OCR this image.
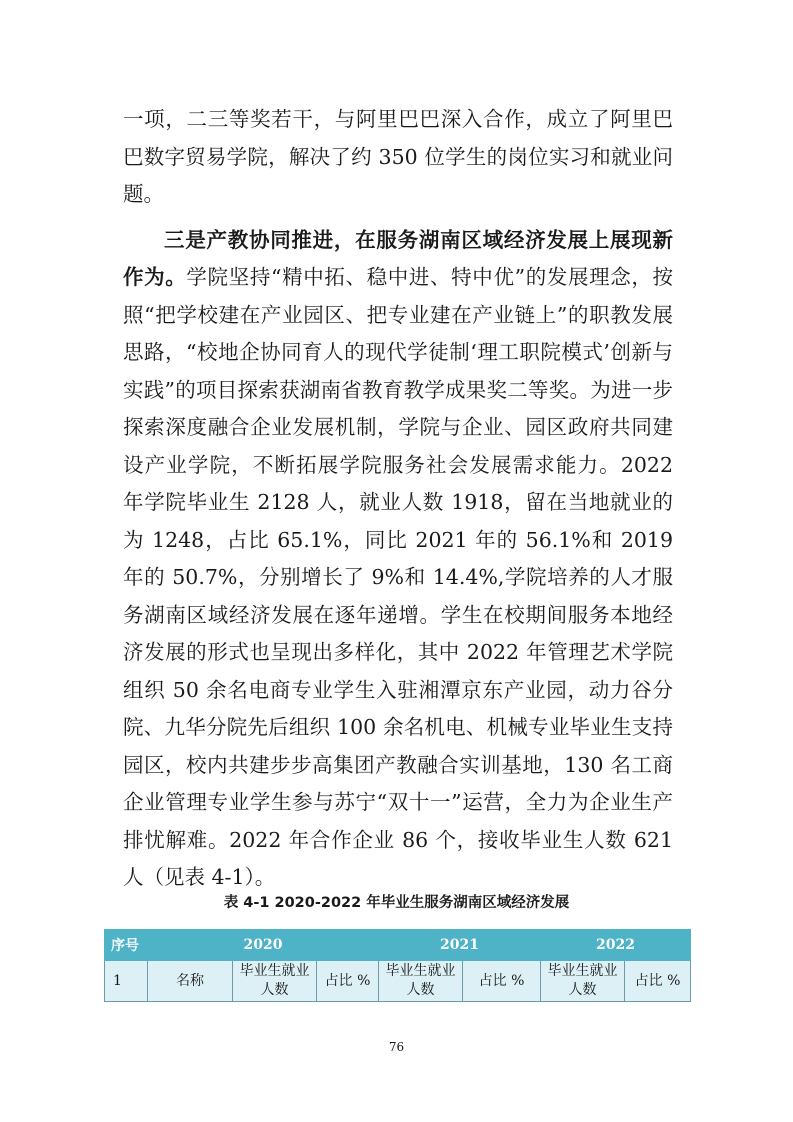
一项，二三等奖若干，与阿里巴巴深入合作，成立了阿里巴巴数字贸易学院，解决了约 350 位学生的岗位实习和就业问题。

三是产教协同推进，在服务湖南区域经济发展上展现新作为。学院坚持“精中拓、稳中进、特中优”的发展理念，按照“把学校建在产业园区、把专业建在产业链上”的职教发展思路，“校地企协同育人的现代学徒制‘理工职院模式’创新与实践”的项目探索获湖南省教育教学成果奖二等奖。为进一步探索深度融合企业发展机制，学院与企业、园区政府共同建设产业学院，不断拓展学院服务社会发展需求能力。2022 年学院毕业生 2128 人，就业人数 1918，留在当地就业的为 1248，占比 65.1%，同比 2021 年的 56.1%和 2019 年的 50.7%，分别增长了 9%和 14.4%,学院培养的人才服务湖南区域经济发展在逐年递增。学生在校期间服务本地经济发展的形式也呈现出多样化，其中 2022 年管理艺术学院组织 50 余名电商专业学生入驻湘潭京东产业园，动力谷分院、九华分院先后组织 100 余名机电、机械专业毕业生支持园区，校内共建步步高集团产教融合实训基地，130 名工商企业管理专业学生参与苏宁“双十一”运营，全力为企业生产排忧解难。2022 年合作企业 86 个，接收毕业生人数 621 人（见表 4-1）。

表 4-1 2020-2022 年毕业生服务湖南区域经济发展
序号	2020			2021		2022	
1	名称	毕业生就业人数	占比 %	毕业生就业人数	占比 %	毕业生就业人数	占比 %
76
